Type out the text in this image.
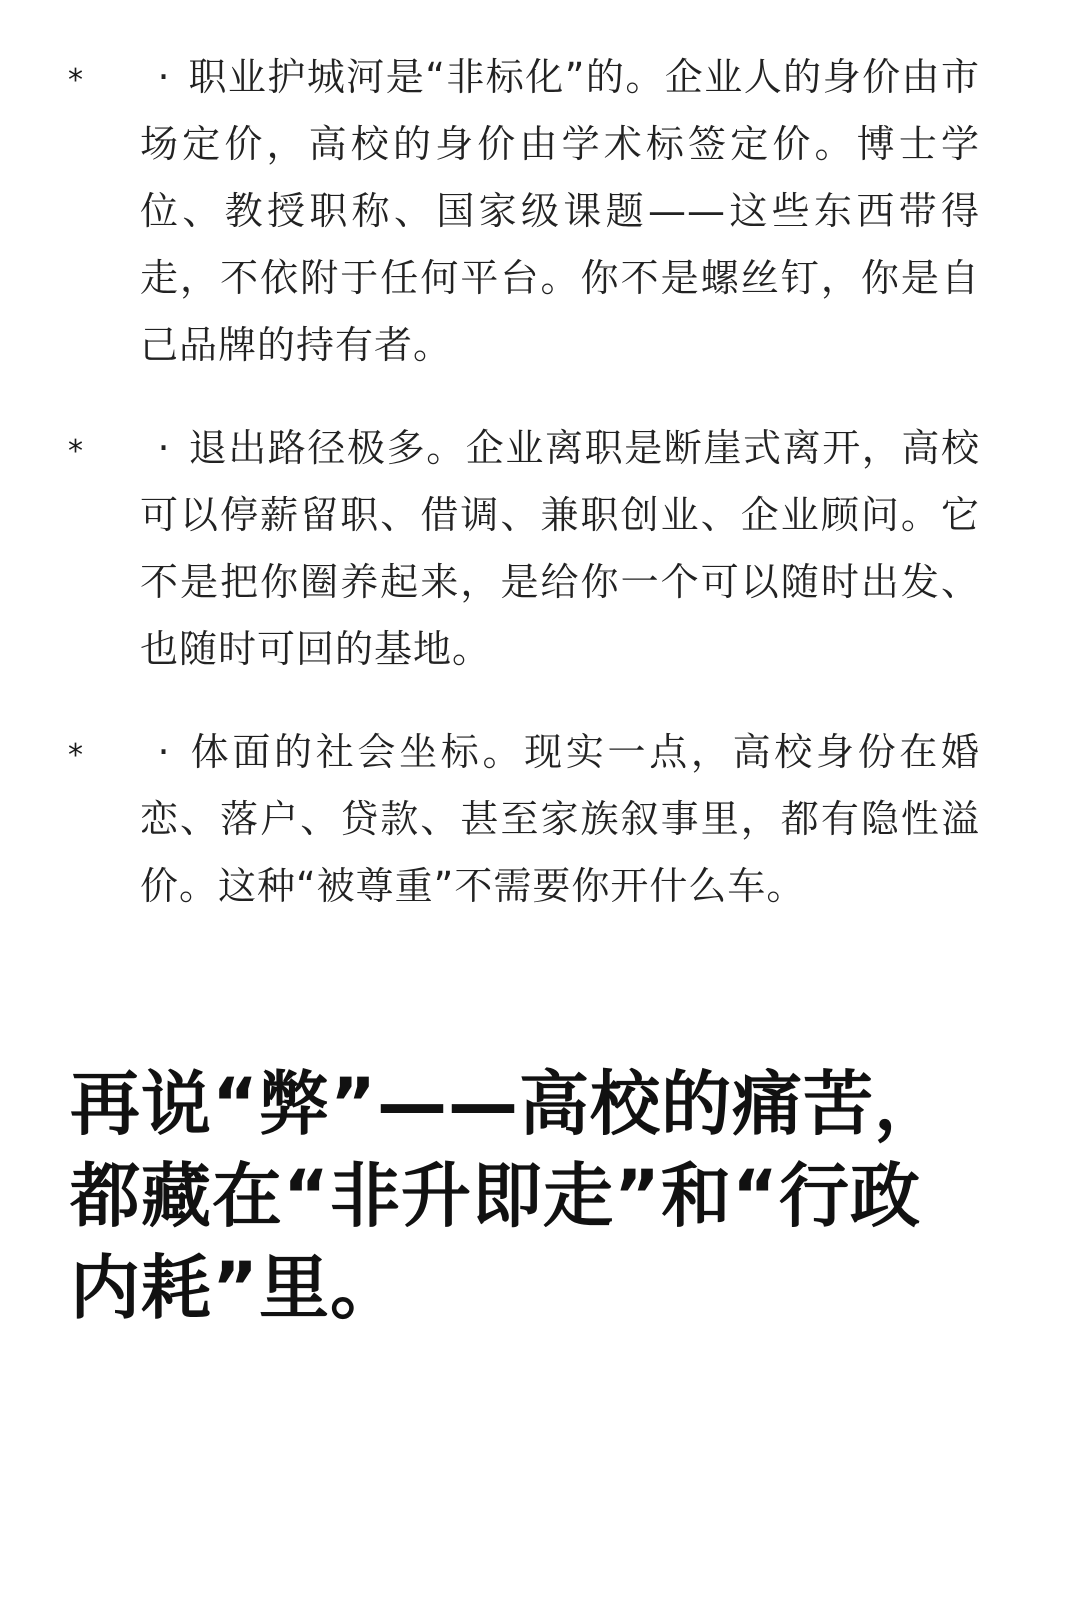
*	· 职业护城河是“非标化”的。企业人的身价由市场定价，高校的身价由学术标签定价。博士学位、教授职称、国家级课题——这些东西带得走，不依附于任何平台。你不是螺丝钉，你是自己品牌的持有者。

*	· 退出路径极多。企业离职是断崖式离开，高校可以停薪留职、借调、兼职创业、企业顾问。它不是把你圈养起来，是给你一个可以随时出发、也随时可回的基地。

*	· 体面的社会坐标。现实一点，高校身份在婚恋、落户、贷款、甚至家族叙事里，都有隐性溢价。这种“被尊重”不需要你开什么车。

再说“弊”——高校的痛苦，都藏在“非升即走”和“行政内耗”里。
